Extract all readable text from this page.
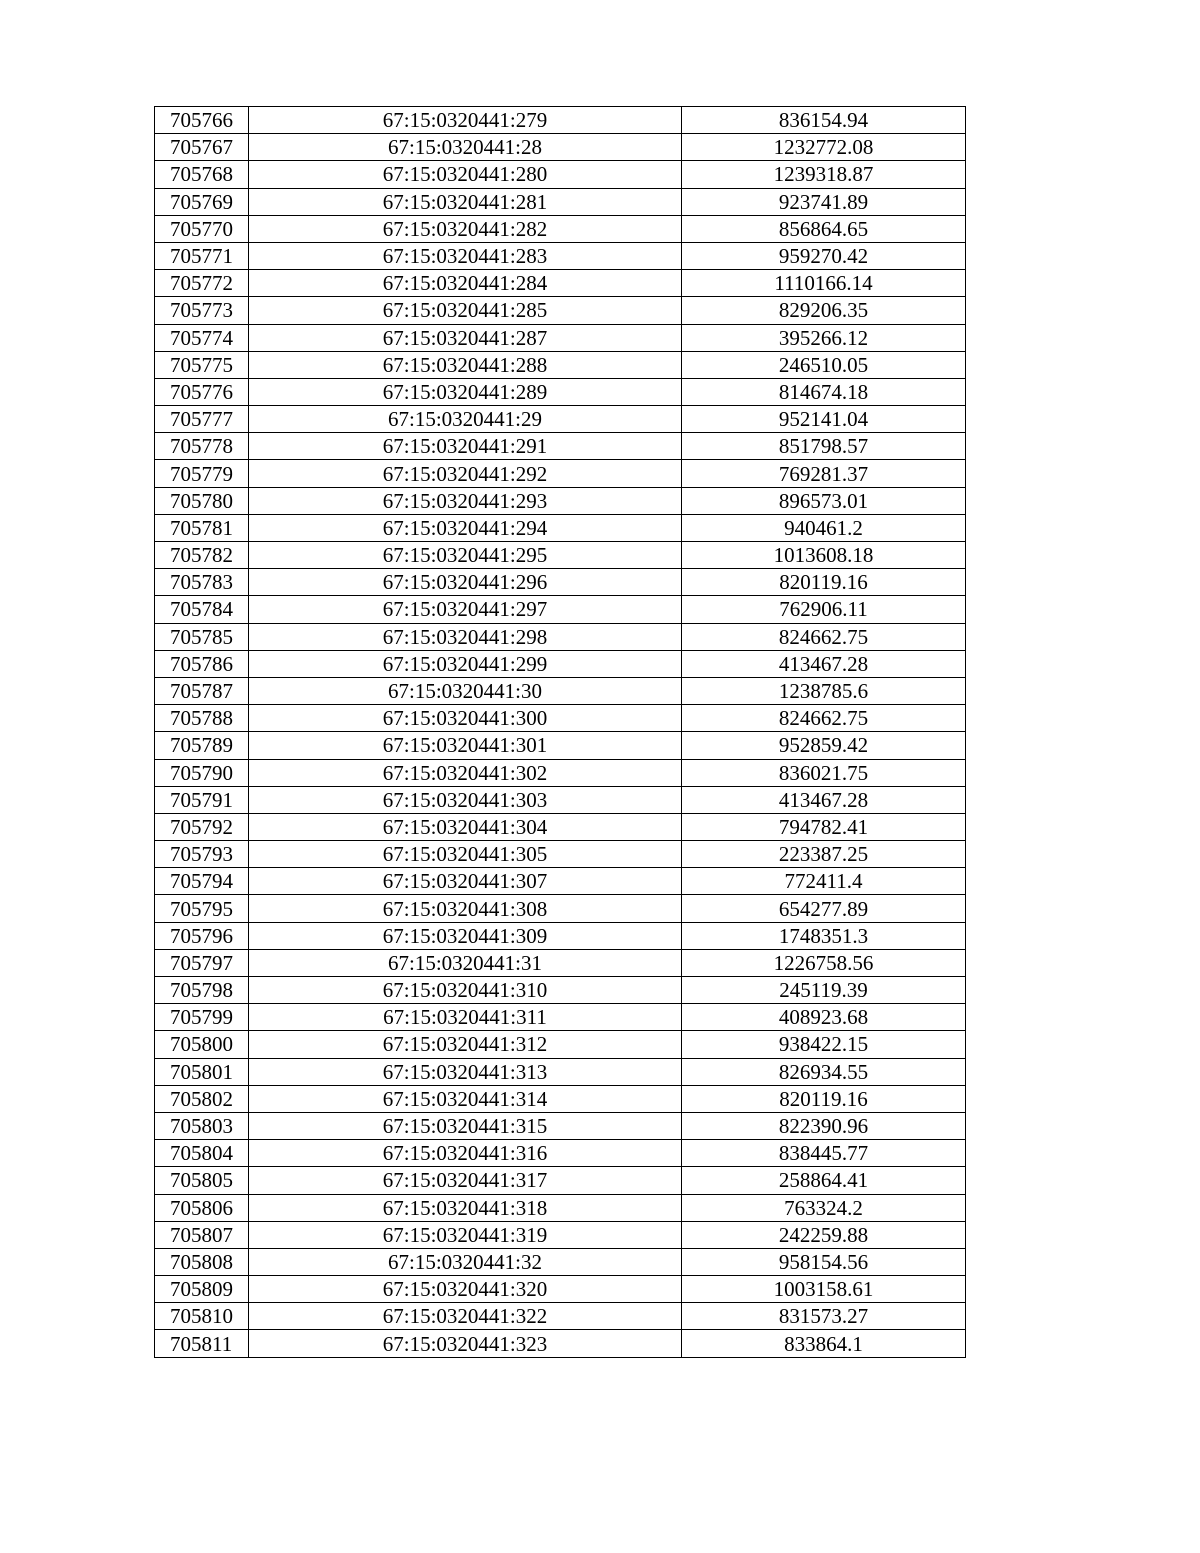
705766	67:15:0320441:279	836154.94
705767	67:15:0320441:28	1232772.08
705768	67:15:0320441:280	1239318.87
705769	67:15:0320441:281	923741.89
705770	67:15:0320441:282	856864.65
705771	67:15:0320441:283	959270.42
705772	67:15:0320441:284	1110166.14
705773	67:15:0320441:285	829206.35
705774	67:15:0320441:287	395266.12
705775	67:15:0320441:288	246510.05
705776	67:15:0320441:289	814674.18
705777	67:15:0320441:29	952141.04
705778	67:15:0320441:291	851798.57
705779	67:15:0320441:292	769281.37
705780	67:15:0320441:293	896573.01
705781	67:15:0320441:294	940461.2
705782	67:15:0320441:295	1013608.18
705783	67:15:0320441:296	820119.16
705784	67:15:0320441:297	762906.11
705785	67:15:0320441:298	824662.75
705786	67:15:0320441:299	413467.28
705787	67:15:0320441:30	1238785.6
705788	67:15:0320441:300	824662.75
705789	67:15:0320441:301	952859.42
705790	67:15:0320441:302	836021.75
705791	67:15:0320441:303	413467.28
705792	67:15:0320441:304	794782.41
705793	67:15:0320441:305	223387.25
705794	67:15:0320441:307	772411.4
705795	67:15:0320441:308	654277.89
705796	67:15:0320441:309	1748351.3
705797	67:15:0320441:31	1226758.56
705798	67:15:0320441:310	245119.39
705799	67:15:0320441:311	408923.68
705800	67:15:0320441:312	938422.15
705801	67:15:0320441:313	826934.55
705802	67:15:0320441:314	820119.16
705803	67:15:0320441:315	822390.96
705804	67:15:0320441:316	838445.77
705805	67:15:0320441:317	258864.41
705806	67:15:0320441:318	763324.2
705807	67:15:0320441:319	242259.88
705808	67:15:0320441:32	958154.56
705809	67:15:0320441:320	1003158.61
705810	67:15:0320441:322	831573.27
705811	67:15:0320441:323	833864.1
